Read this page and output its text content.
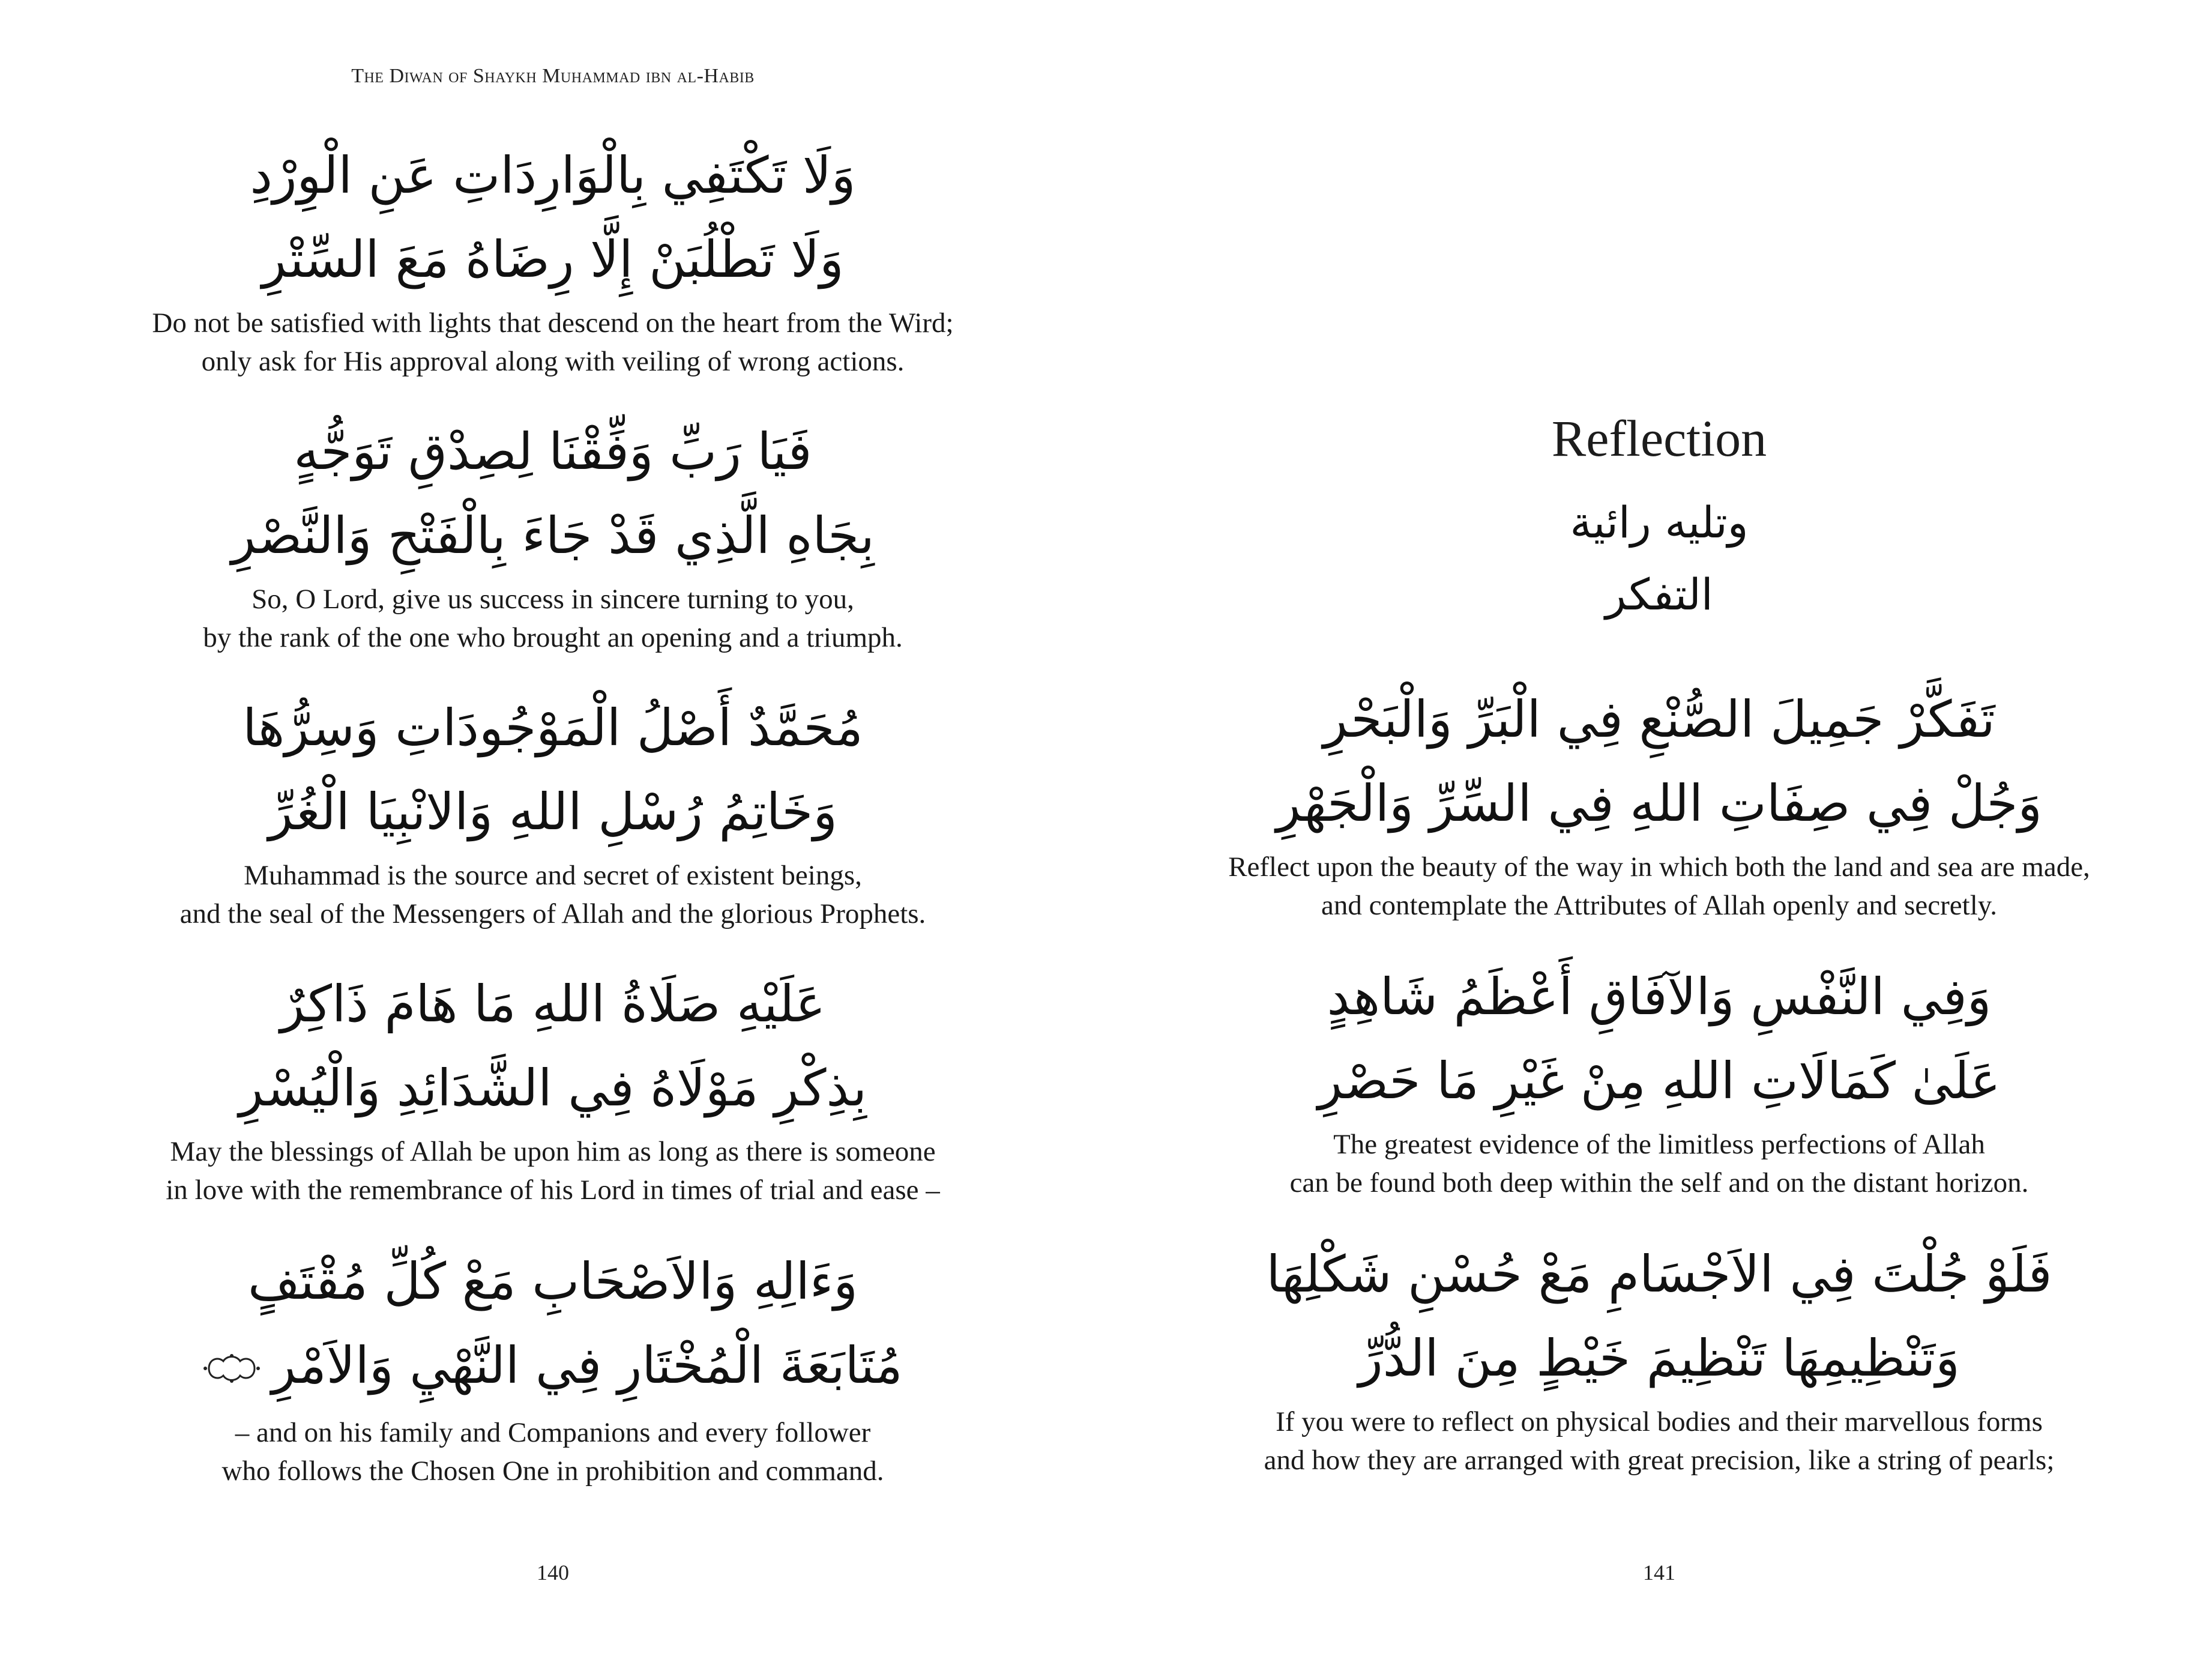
The Diwan of Shaykh Muhammad ibn al-Habib
وَلَا تَكْتَفِي بِالْوَارِدَاتِ عَنِ الْوِرْدِ
وَلَا تَطْلُبَنْ إِلَّا رِضَاهُ مَعَ السِّتْرِ
Do not be satisfied with lights that descend on the heart from the Wird;
only ask for His approval along with veiling of wrong actions.
فَيَا رَبِّ وَفِّقْنَا لِصِدْقِ تَوَجُّهٍ
بِجَاهِ الَّذِي قَدْ جَاءَ بِالْفَتْحِ وَالنَّصْرِ
So, O Lord, give us success in sincere turning to you,
by the rank of the one who brought an opening and a triumph.
مُحَمَّدٌ أَصْلُ الْمَوْجُودَاتِ وَسِرُّهَا
وَخَاتِمُ رُسْلِ اللهِ وَالانْبِيَا الْغُرِّ
Muhammad is the source and secret of existent beings,
and the seal of the Messengers of Allah and the glorious Prophets.
عَلَيْهِ صَلَاةُ اللهِ مَا هَامَ ذَاكِرٌ
بِذِكْرِ مَوْلَاهُ فِي الشَّدَائِدِ وَالْيُسْرِ
May the blessings of Allah be upon him as long as there is someone
in love with the remembrance of his Lord in times of trial and ease –
وَءَالِهِ وَالاَصْحَابِ مَعْ كُلِّ مُقْتَفٍ
مُتَابَعَةَ الْمُخْتَارِ فِي النَّهْيِ وَالاَمْرِ
– and on his family and Companions and every follower
who follows the Chosen One in prohibition and command.
140
Reflection
وتليه رائية
التفكر
تَفَكَّرْ جَمِيلَ الصُّنْعِ فِي الْبَرِّ وَالْبَحْرِ
وَجُلْ فِي صِفَاتِ اللهِ فِي السِّرِّ وَالْجَهْرِ
Reflect upon the beauty of the way in which both the land and sea are made,
and contemplate the Attributes of Allah openly and secretly.
وَفِي النَّفْسِ وَالآفَاقِ أَعْظَمُ شَاهِدٍ
عَلَىٰ كَمَالَاتِ اللهِ مِنْ غَيْرِ مَا حَصْرِ
The greatest evidence of the limitless perfections of Allah
can be found both deep within the self and on the distant horizon.
فَلَوْ جُلْتَ فِي الاَجْسَامِ مَعْ حُسْنِ شَكْلِهَا
وَتَنْظِيمِهَا تَنْظِيمَ خَيْطٍ مِنَ الدُّرِّ
If you were to reflect on physical bodies and their marvellous forms
and how they are arranged with great precision, like a string of pearls;
141
